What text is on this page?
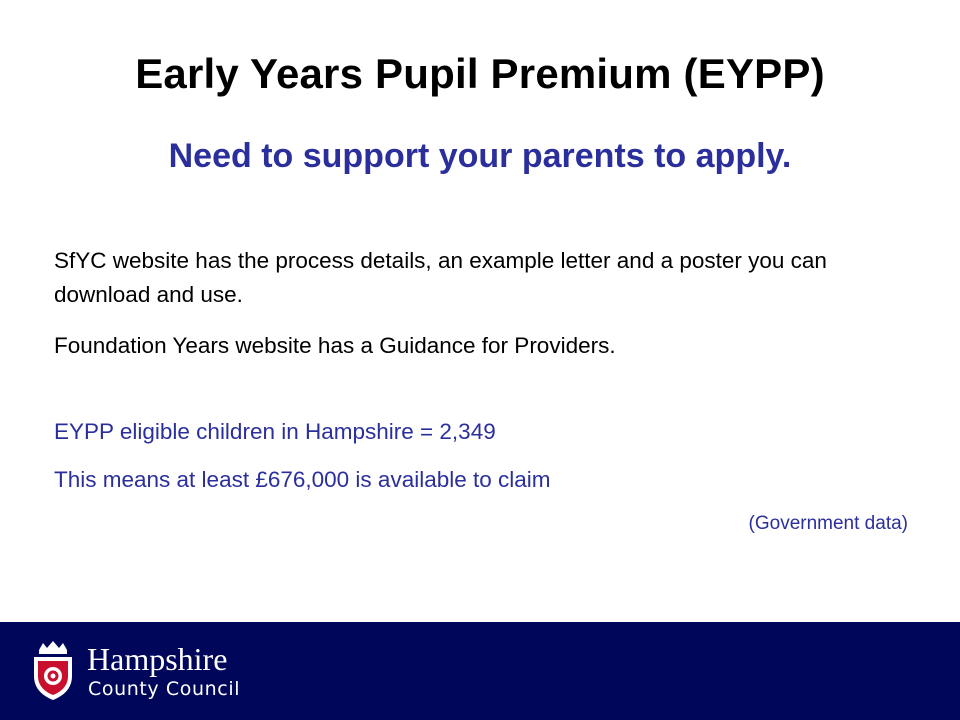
Early Years Pupil Premium (EYPP)
Need to support your parents to apply.

SfYC website has the process details, an example letter and a poster you can download and use.

Foundation Years website has a Guidance for Providers.

EYPP eligible children in Hampshire = 2,349

This means at least £676,000 is available to claim

(Government data)

Hampshire
County Council
